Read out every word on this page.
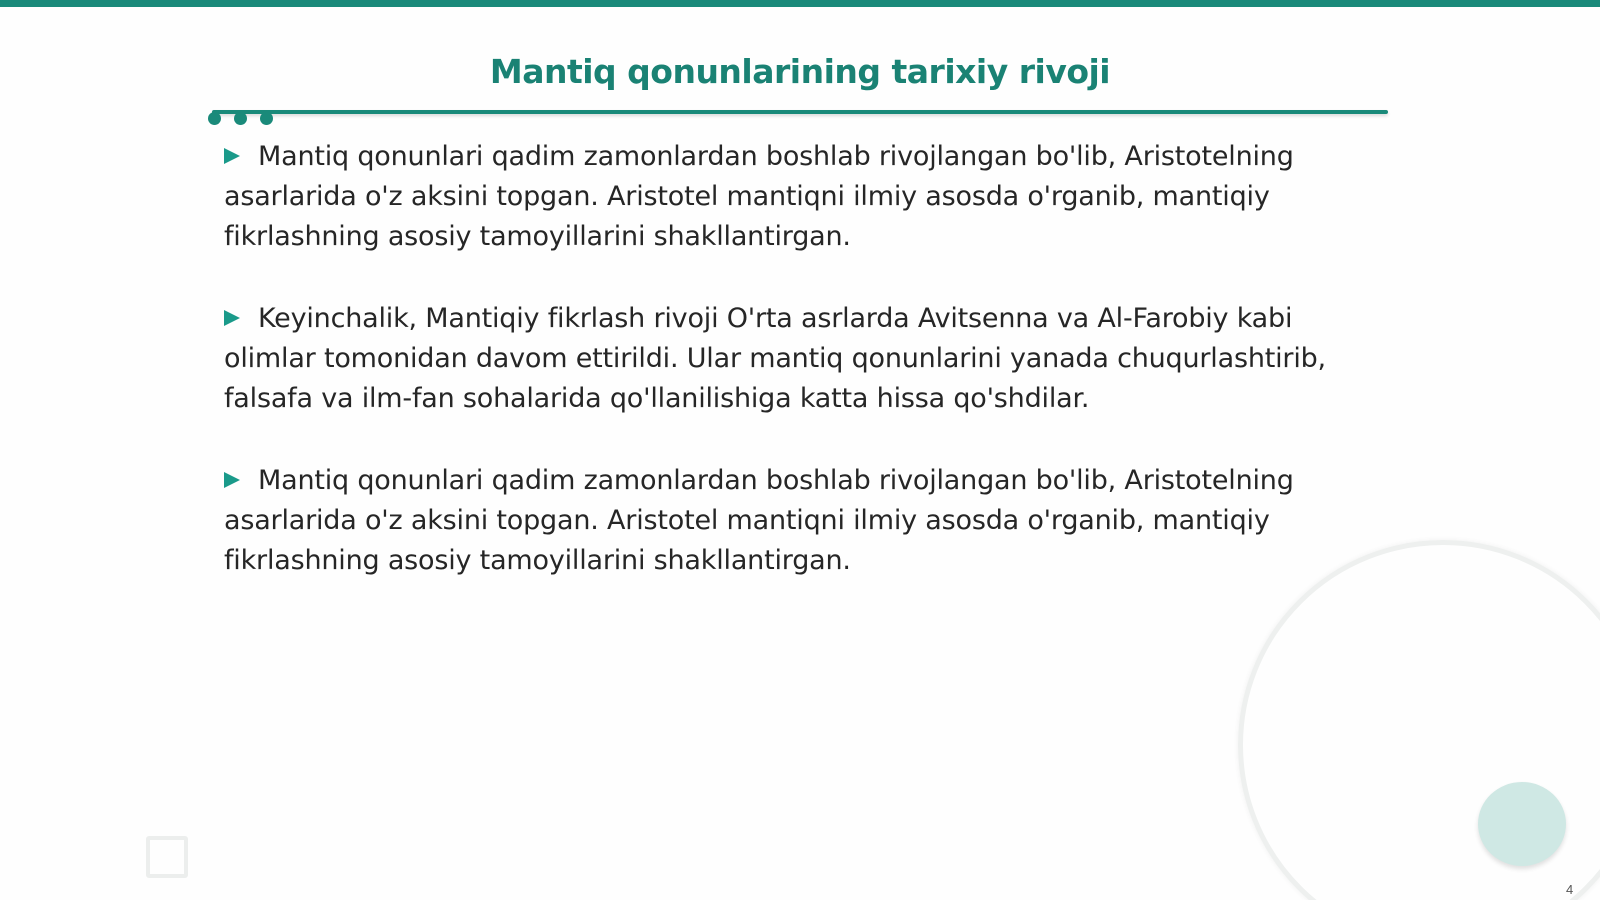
Mantiq qonunlarining tarixiy rivoji

Mantiq qonunlari qadim zamonlardan boshlab rivojlangan bo'lib, Aristotelning asarlarida o'z aksini topgan. Aristotel mantiqni ilmiy asosda o'rganib, mantiqiy fikrlashning asosiy tamoyillarini shakllantirgan.

Keyinchalik, Mantiqiy fikrlash rivoji O'rta asrlarda Avitsenna va Al-Farobiy kabi olimlar tomonidan davom ettirildi. Ular mantiq qonunlarini yanada chuqurlashtirib, falsafa va ilm-fan sohalarida qo'llanilishiga katta hissa qo'shdilar.

Mantiq qonunlari qadim zamonlardan boshlab rivojlangan bo'lib, Aristotelning asarlarida o'z aksini topgan. Aristotel mantiqni ilmiy asosda o'rganib, mantiqiy fikrlashning asosiy tamoyillarini shakllantirgan.

4
